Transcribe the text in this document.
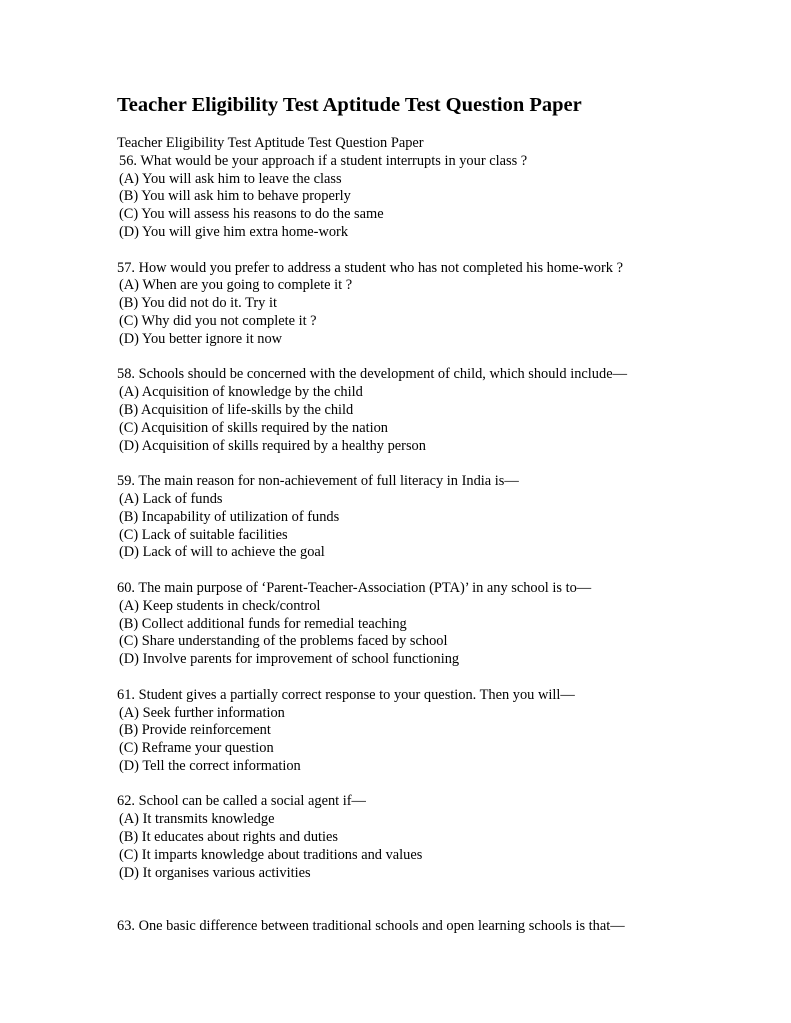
Teacher Eligibility Test Aptitude Test Question Paper
Teacher Eligibility Test Aptitude Test Question Paper
56. What would be your approach if a student interrupts in your class ?
(A) You will ask him to leave the class
(B) You will ask him to behave properly
(C) You will assess his reasons to do the same
(D) You will give him extra home-work
57. How would you prefer to address a student who has not completed his home-work ?
(A) When are you going to complete it ?
(B) You did not do it. Try it
(C) Why did you not complete it ?
(D) You better ignore it now
58. Schools should be concerned with the development of child, which should include—
(A) Acquisition of knowledge by the child
(B) Acquisition of life-skills by the child
(C) Acquisition of skills required by the nation
(D) Acquisition of skills required by a healthy person
59. The main reason for non-achievement of full literacy in India is—
(A) Lack of funds
(B) Incapability of utilization of funds
(C) Lack of suitable facilities
(D) Lack of will to achieve the goal
60. The main purpose of ‘Parent-Teacher-Association (PTA)’ in any school is to—
(A) Keep students in check/control
(B) Collect additional funds for remedial teaching
(C) Share understanding of the problems faced by school
(D) Involve parents for improvement of school functioning
61. Student gives a partially correct response to your question. Then you will—
(A) Seek further information
(B) Provide reinforcement
(C) Reframe your question
(D) Tell the correct information
62. School can be called a social agent if—
(A) It transmits knowledge
(B) It educates about rights and duties
(C) It imparts knowledge about traditions and values
(D) It organises various activities
63. One basic difference between traditional schools and open learning schools is that—
